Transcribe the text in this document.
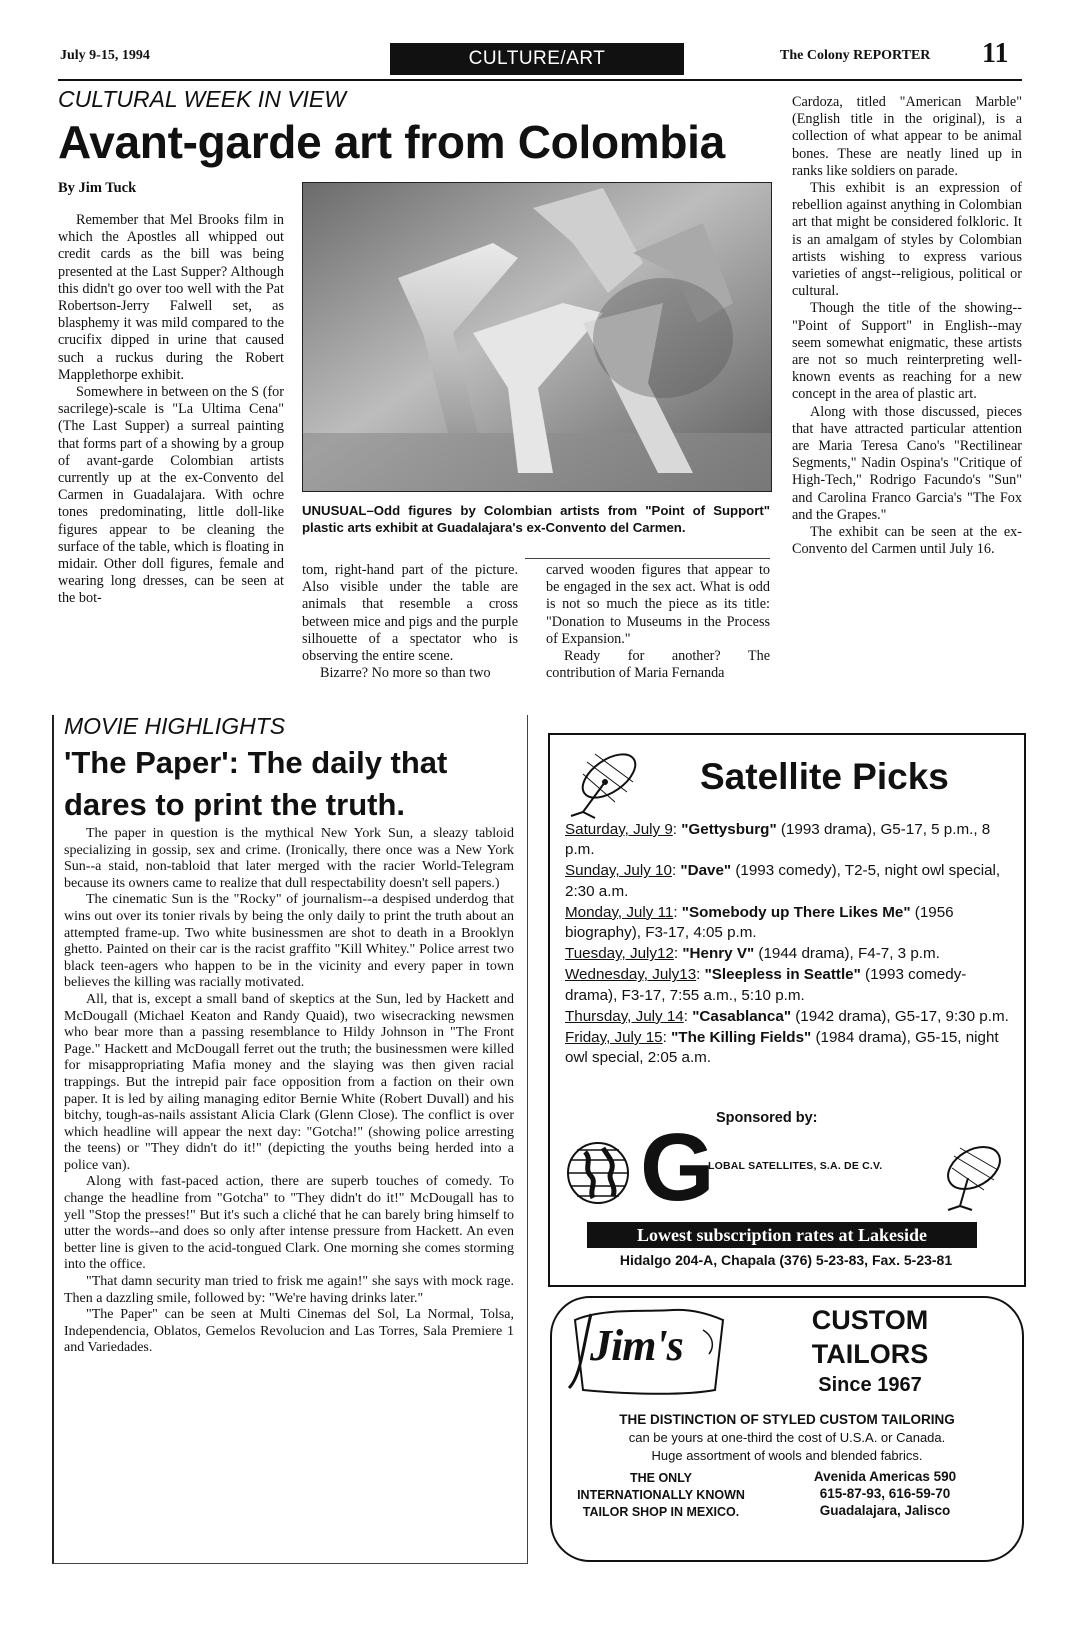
July 9-15, 1994	CULTURE/ART	The Colony REPORTER 11
CULTURAL WEEK IN VIEW
Avant-garde art from Colombia
By Jim Tuck

Remember that Mel Brooks film in which the Apostles all whipped out credit cards as the bill was being presented at the Last Supper? Although this didn't go over too well with the Pat Robertson-Jerry Falwell set, as blasphemy it was mild compared to the crucifix dipped in urine that caused such a ruckus during the Robert Mapplethorpe exhibit.

Somewhere in between on the S (for sacrilege)-scale is "La Ultima Cena" (The Last Supper) a surreal painting that forms part of a showing by a group of avant-garde Colombian artists currently up at the ex-Convento del Carmen in Guadalajara. With ochre tones predominating, little doll-like figures appear to be cleaning the surface of the table, which is floating in midair. Other doll figures, female and wearing long dresses, can be seen at the bot-

UNUSUAL–Odd figures by Colombian artists from "Point of Support" plastic arts exhibit at Guadalajara's ex-Convento del Carmen.

tom, right-hand part of the picture. Also visible under the table are animals that resemble a cross between mice and pigs and the purple silhouette of a spectator who is observing the entire scene.

Bizarre? No more so than two

carved wooden figures that appear to be engaged in the sex act. What is odd is not so much the piece as its title: "Donation to Museums in the Process of Expansion."

Ready for another? The contribution of Maria Fernanda

Cardoza, titled "American Marble" (English title in the original), is a collection of what appear to be animal bones. These are neatly lined up in ranks like soldiers on parade.

This exhibit is an expression of rebellion against anything in Colombian art that might be considered folkloric. It is an amalgam of styles by Colombian artists wishing to express various varieties of angst--religious, political or cultural.

Though the title of the showing--"Point of Support" in English--may seem somewhat enigmatic, these artists are not so much reinterpreting well-known events as reaching for a new concept in the area of plastic art.

Along with those discussed, pieces that have attracted particular attention are Maria Teresa Cano's "Rectilinear Segments," Nadin Ospina's "Critique of High-Tech," Rodrigo Facundo's "Sun" and Carolina Franco Garcia's "The Fox and the Grapes."

The exhibit can be seen at the ex-Convento del Carmen until July 16.

MOVIE HIGHLIGHTS
'The Paper': The daily that
dares to print the truth.

The paper in question is the mythical New York Sun, a sleazy tabloid specializing in gossip, sex and crime. (Ironically, there once was a New York Sun--a staid, non-tabloid that later merged with the racier World-Telegram because its owners came to realize that dull respectability doesn't sell papers.)

The cinematic Sun is the "Rocky" of journalism--a despised underdog that wins out over its tonier rivals by being the only daily to print the truth about an attempted frame-up. Two white businessmen are shot to death in a Brooklyn ghetto. Painted on their car is the racist graffito "Kill Whitey." Police arrest two black teen-agers who happen to be in the vicinity and every paper in town believes the killing was racially motivated.

All, that is, except a small band of skeptics at the Sun, led by Hackett and McDougall (Michael Keaton and Randy Quaid), two wisecracking newsmen who bear more than a passing resemblance to Hildy Johnson in "The Front Page." Hackett and McDougall ferret out the truth; the businessmen were killed for misappropriating Mafia money and the slaying was then given racial trappings. But the intrepid pair face opposition from a faction on their own paper. It is led by ailing managing editor Bernie White (Robert Duvall) and his bitchy, tough-as-nails assistant Alicia Clark (Glenn Close). The conflict is over which headline will appear the next day: "Gotcha!" (showing police arresting the teens) or "They didn't do it!" (depicting the youths being herded into a police van).

Along with fast-paced action, there are superb touches of comedy. To change the headline from "Gotcha" to "They didn't do it!" McDougall has to yell "Stop the presses!" But it's such a cliché that he can barely bring himself to utter the words--and does so only after intense pressure from Hackett. An even better line is given to the acid-tongued Clark. One morning she comes storming into the office.

"That damn security man tried to frisk me again!" she says with mock rage. Then a dazzling smile, followed by: "We're having drinks later."

"The Paper" can be seen at Multi Cinemas del Sol, La Normal, Tolsa, Independencia, Oblatos, Gemelos Revolucion and Las Torres, Sala Premiere 1 and Variedades.

Satellite Picks
Saturday, July 9: "Gettysburg" (1993 drama), G5-17, 5 p.m., 8 p.m.
Sunday, July 10: "Dave" (1993 comedy), T2-5, night owl special, 2:30 a.m.
Monday, July 11: "Somebody up There Likes Me" (1956 biography), F3-17, 4:05 p.m.
Tuesday, July12: "Henry V" (1944 drama), F4-7, 3 p.m.
Wednesday, July13: "Sleepless in Seattle" (1993 comedy-drama), F3-17, 7:55 a.m., 5:10 p.m.
Thursday, July 14: "Casablanca" (1942 drama), G5-17, 9:30 p.m.
Friday, July 15: "The Killing Fields" (1984 drama), G5-15, night owl special, 2:05 a.m.
Sponsored by:
G
LOBAL SATELLITES, S.A. DE C.V.
Lowest subscription rates at Lakeside
Hidalgo 204-A, Chapala (376) 5-23-83, Fax. 5-23-81
Jim's
CUSTOM
TAILORS
Since 1967
THE DISTINCTION OF STYLED CUSTOM TAILORING
can be yours at one-third the cost of U.S.A. or Canada.
Huge assortment of wools and blended fabrics.
THE ONLY
INTERNATIONALLY KNOWN
TAILOR SHOP IN MEXICO.
Avenida Americas 590
615-87-93, 616-59-70
Guadalajara, Jalisco
